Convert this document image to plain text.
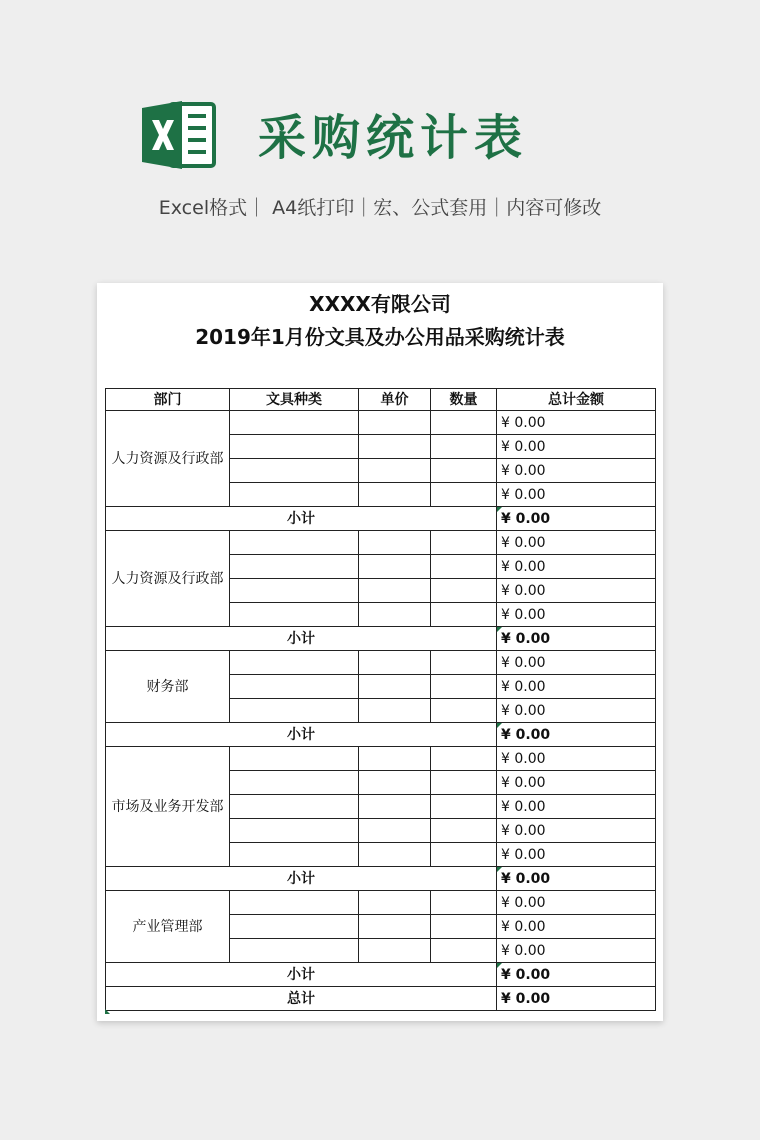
采购统计表
Excel格式｜ A4纸打印｜宏、公式套用｜内容可修改
XXXX有限公司
2019年1月份文具及办公用品采购统计表
部门	文具种类	单价	数量	总计金额
人力资源及行政部				¥ 0.00
				¥ 0.00
				¥ 0.00
				¥ 0.00
小计				¥ 0.00
人力资源及行政部				¥ 0.00
				¥ 0.00
				¥ 0.00
				¥ 0.00
小计				¥ 0.00
财务部				¥ 0.00
				¥ 0.00
				¥ 0.00
小计				¥ 0.00
市场及业务开发部				¥ 0.00
				¥ 0.00
				¥ 0.00
				¥ 0.00
				¥ 0.00
小计				¥ 0.00
产业管理部				¥ 0.00
				¥ 0.00
				¥ 0.00
小计				¥ 0.00
总计				¥ 0.00
